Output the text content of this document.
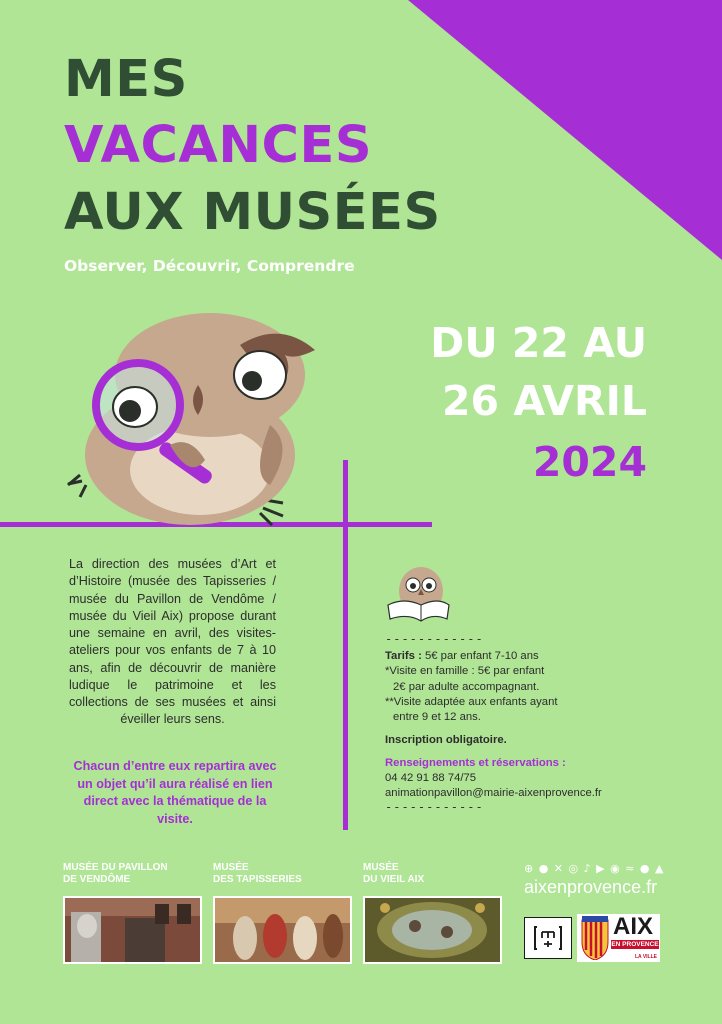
MES
VACANCES
AUX MUSÉES
Observer, Découvrir, Comprendre
DU 22 AU
26 AVRIL
2024
La direction des musées d’Art et d’Histoire (musée des Tapisseries / musée du Pavillon de Vendôme / musée du Vieil Aix) propose durant une semaine en avril, des visites-ateliers pour vos enfants de 7 à 10 ans, afin de découvrir de manière ludique le patrimoine et les collections de ses musées et ainsi éveiller leurs sens.
Chacun d’entre eux repartira avec un objet qu’il aura réalisé en lien direct avec la thématique de la visite.
------------
Tarifs : 5€ par enfant 7-10 ans
*Visite en famille : 5€ par enfant
2€ par adulte accompagnant.
**Visite adaptée aux enfants ayant
entre 9 et 12 ans.
Inscription obligatoire.
Renseignements et réservations :
04 42 91 88 74/75
animationpavillon@mairie-aixenprovence.fr
------------
MUSÉE DU PAVILLON
DE VENDÔME
MUSÉE
DES TAPISSERIES
MUSÉE
DU VIEIL AIX
⊕ ● ✕ ◎ ♪ ▶ ◉ ≈ ● ▲
aixenprovence.fr
AIX
EN PROVENCE
LA VILLE
